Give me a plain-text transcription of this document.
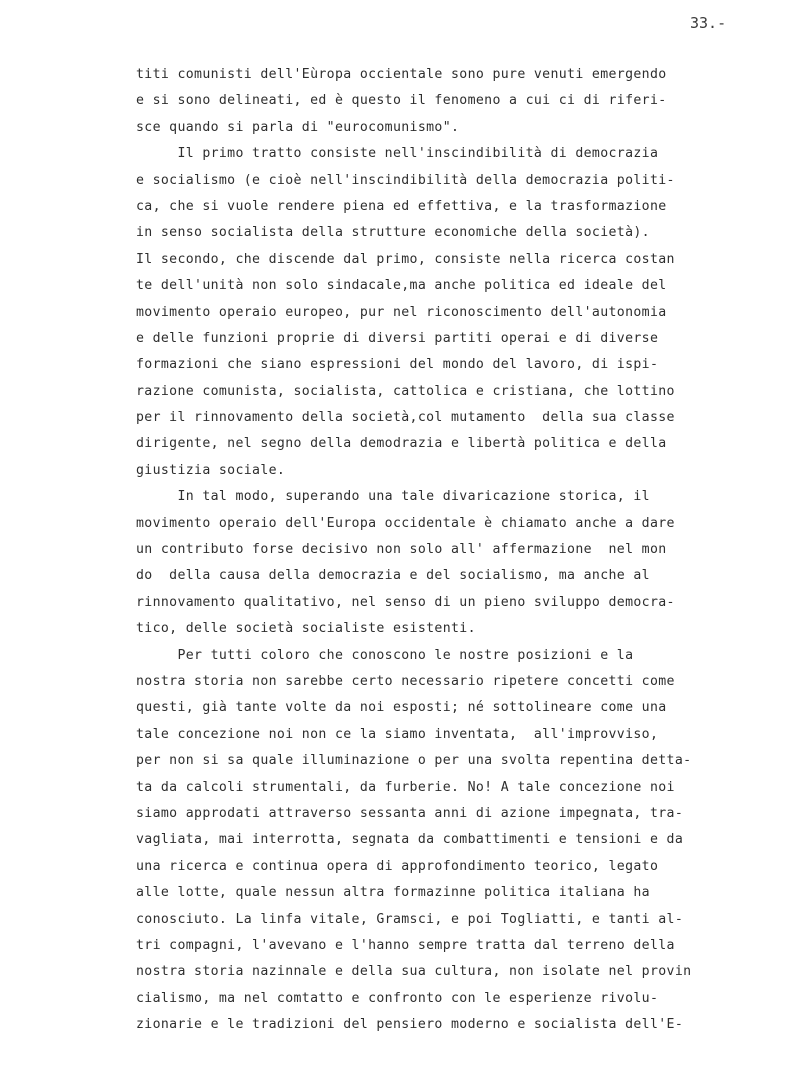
33.-
titi comunisti dell'Eùropa occientale sono pure venuti emergendo
e si sono delineati, ed è questo il fenomeno a cui ci di riferi-
sce quando si parla di "eurocomunismo".
Il primo tratto consiste nell'inscindibilità di democrazia
e socialismo (e cioè nell'inscindibilità della democrazia politi-
ca, che si vuole rendere piena ed effettiva, e la trasformazione
in senso socialista della strutture economiche della società).
Il secondo, che discende dal primo, consiste nella ricerca costan
te dell'unità non solo sindacale,ma anche politica ed ideale del
movimento operaio europeo, pur nel riconoscimento dell'autonomia
e delle funzioni proprie di diversi partiti operai e di diverse
formazioni che siano espressioni del mondo del lavoro, di ispi-
razione comunista, socialista, cattolica e cristiana, che lottino
per il rinnovamento della società,col mutamento  della sua classe
dirigente, nel segno della demodrazia e libertà politica e della
giustizia sociale.
In tal modo, superando una tale divaricazione storica, il
movimento operaio dell'Europa occidentale è chiamato anche a dare
un contributo forse decisivo non solo all' affermazione  nel mon
do  della causa della democrazia e del socialismo, ma anche al
rinnovamento qualitativo, nel senso di un pieno sviluppo democra-
tico, delle società socialiste esistenti.
Per tutti coloro che conoscono le nostre posizioni e la
nostra storia non sarebbe certo necessario ripetere concetti come
questi, già tante volte da noi esposti; né sottolineare come una
tale concezione noi non ce la siamo inventata,  all'improvviso,
per non si sa quale illuminazione o per una svolta repentina detta-
ta da calcoli strumentali, da furberie. No! A tale concezione noi
siamo approdati attraverso sessanta anni di azione impegnata, tra-
vagliata, mai interrotta, segnata da combattimenti e tensioni e da
una ricerca e continua opera di approfondimento teorico, legato
alle lotte, quale nessun altra formazinne politica italiana ha
conosciuto. La linfa vitale, Gramsci, e poi Togliatti, e tanti al-
tri compagni, l'avevano e l'hanno sempre tratta dal terreno della
nostra storia nazinnale e della sua cultura, non isolate nel provin
cialismo, ma nel comtatto e confronto con le esperienze rivolu-
zionarie e le tradizioni del pensiero moderno e socialista dell'E-
